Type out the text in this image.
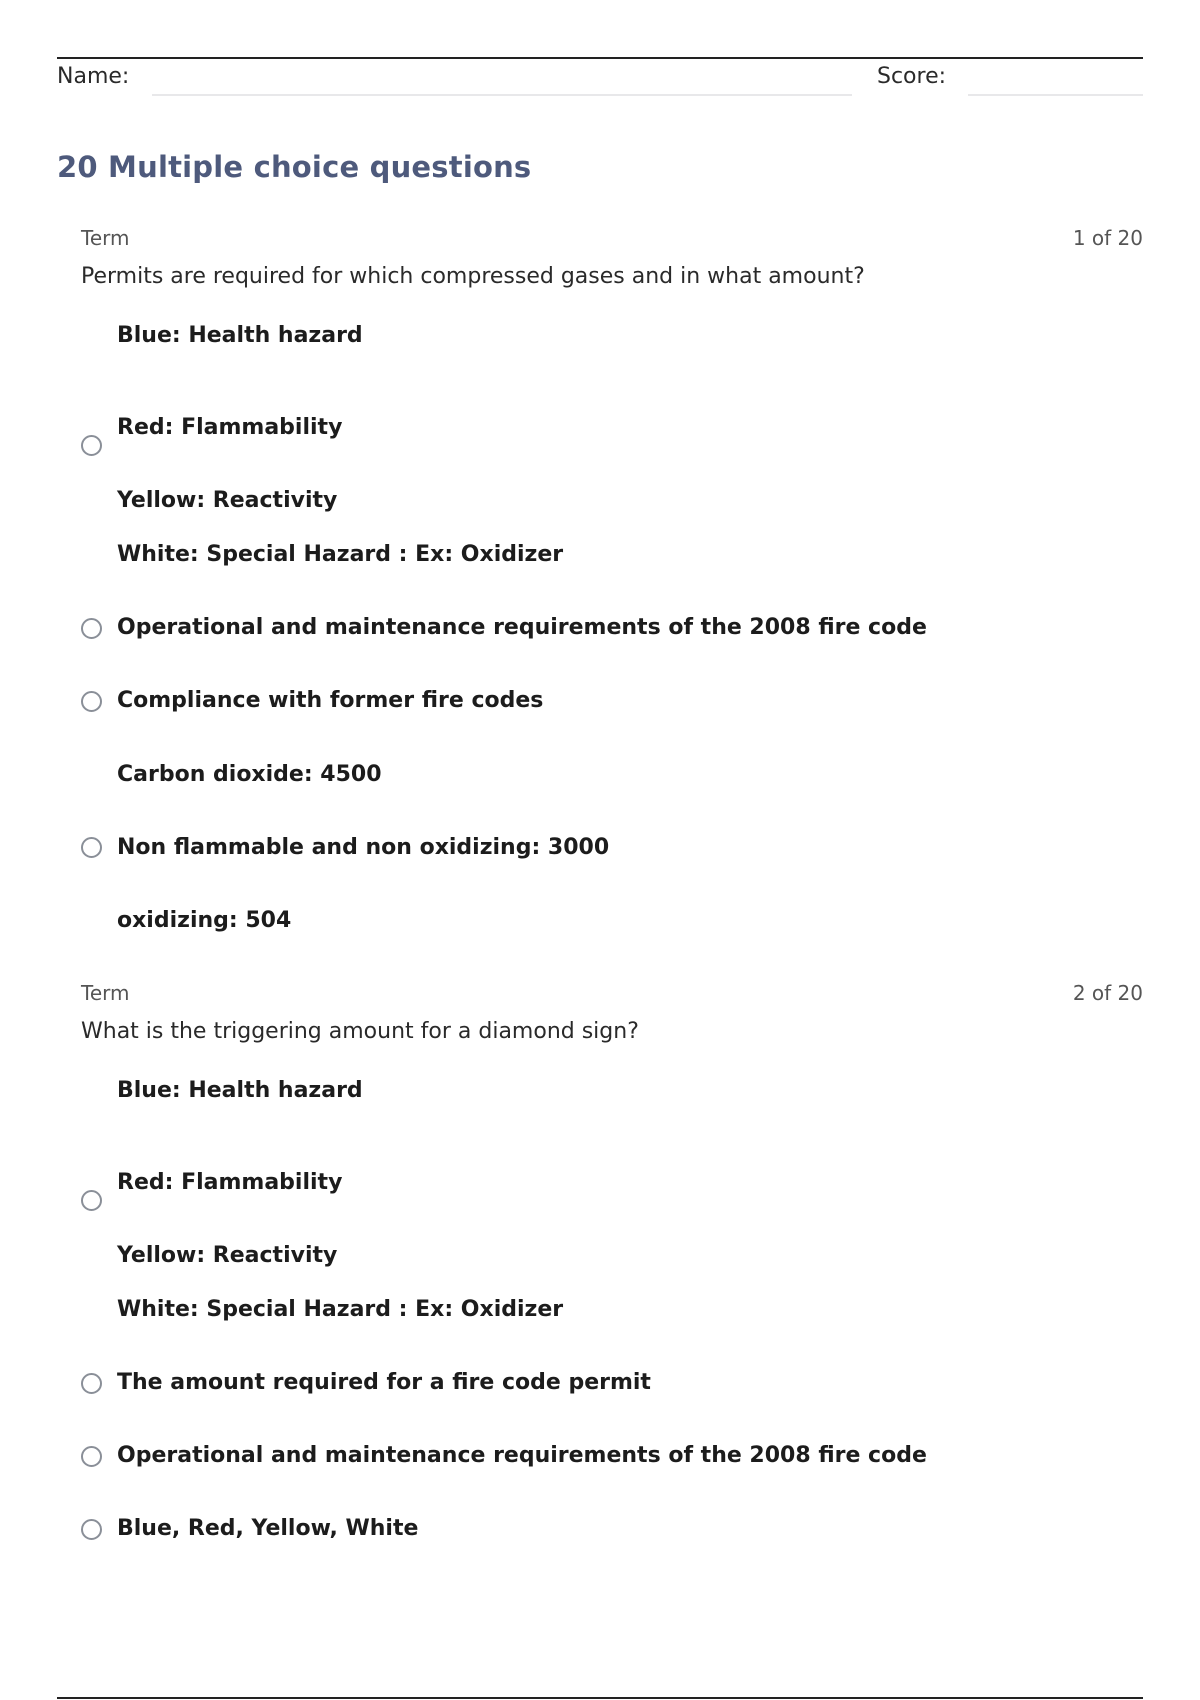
Name:	Score:
20 Multiple choice questions
Term	1 of 20
Permits are required for which compressed gases and in what amount?
Blue: Health hazard
Red: Flammability
Yellow: Reactivity
White: Special Hazard : Ex: Oxidizer
Operational and maintenance requirements of the 2008 fire code
Compliance with former fire codes
Carbon dioxide: 4500
Non flammable and non oxidizing: 3000
oxidizing: 504
Term	2 of 20
What is the triggering amount for a diamond sign?
Blue: Health hazard
Red: Flammability
Yellow: Reactivity
White: Special Hazard : Ex: Oxidizer
The amount required for a fire code permit
Operational and maintenance requirements of the 2008 fire code
Blue, Red, Yellow, White
